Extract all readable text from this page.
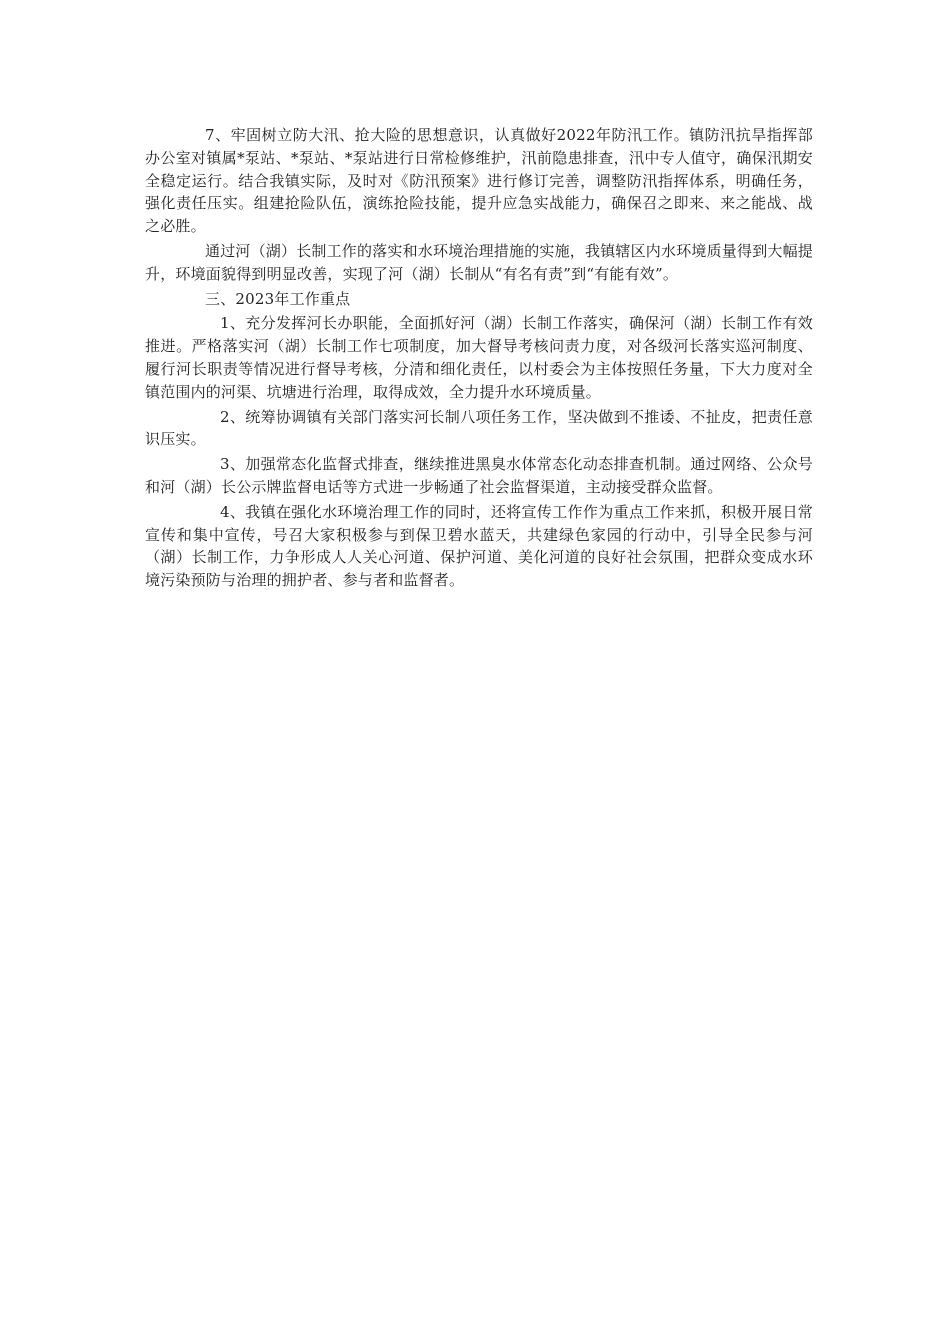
7、牢固树立防大汛、抢大险的思想意识，认真做好2022年防汛工作。镇防汛抗旱指挥部办公室对镇属*泵站、*泵站、*泵站进行日常检修维护，汛前隐患排查，汛中专人值守，确保汛期安全稳定运行。结合我镇实际，及时对《防汛预案》进行修订完善，调整防汛指挥体系，明确任务，强化责任压实。组建抢险队伍，演练抢险技能，提升应急实战能力，确保召之即来、来之能战、战之必胜。

通过河（湖）长制工作的落实和水环境治理措施的实施，我镇辖区内水环境质量得到大幅提升，环境面貌得到明显改善，实现了河（湖）长制从“有名有责”到“有能有效”。

三、2023年工作重点

1、充分发挥河长办职能，全面抓好河（湖）长制工作落实，确保河（湖）长制工作有效推进。严格落实河（湖）长制工作七项制度，加大督导考核问责力度，对各级河长落实巡河制度、履行河长职责等情况进行督导考核，分清和细化责任，以村委会为主体按照任务量，下大力度对全镇范围内的河渠、坑塘进行治理，取得成效，全力提升水环境质量。

2、统筹协调镇有关部门落实河长制八项任务工作，坚决做到不推诿、不扯皮，把责任意识压实。

3、加强常态化监督式排查，继续推进黑臭水体常态化动态排查机制。通过网络、公众号和河（湖）长公示牌监督电话等方式进一步畅通了社会监督渠道，主动接受群众监督。

4、我镇在强化水环境治理工作的同时，还将宣传工作作为重点工作来抓，积极开展日常宣传和集中宣传，号召大家积极参与到保卫碧水蓝天，共建绿色家园的行动中，引导全民参与河（湖）长制工作，力争形成人人关心河道、保护河道、美化河道的良好社会氛围，把群众变成水环境污染预防与治理的拥护者、参与者和监督者。
